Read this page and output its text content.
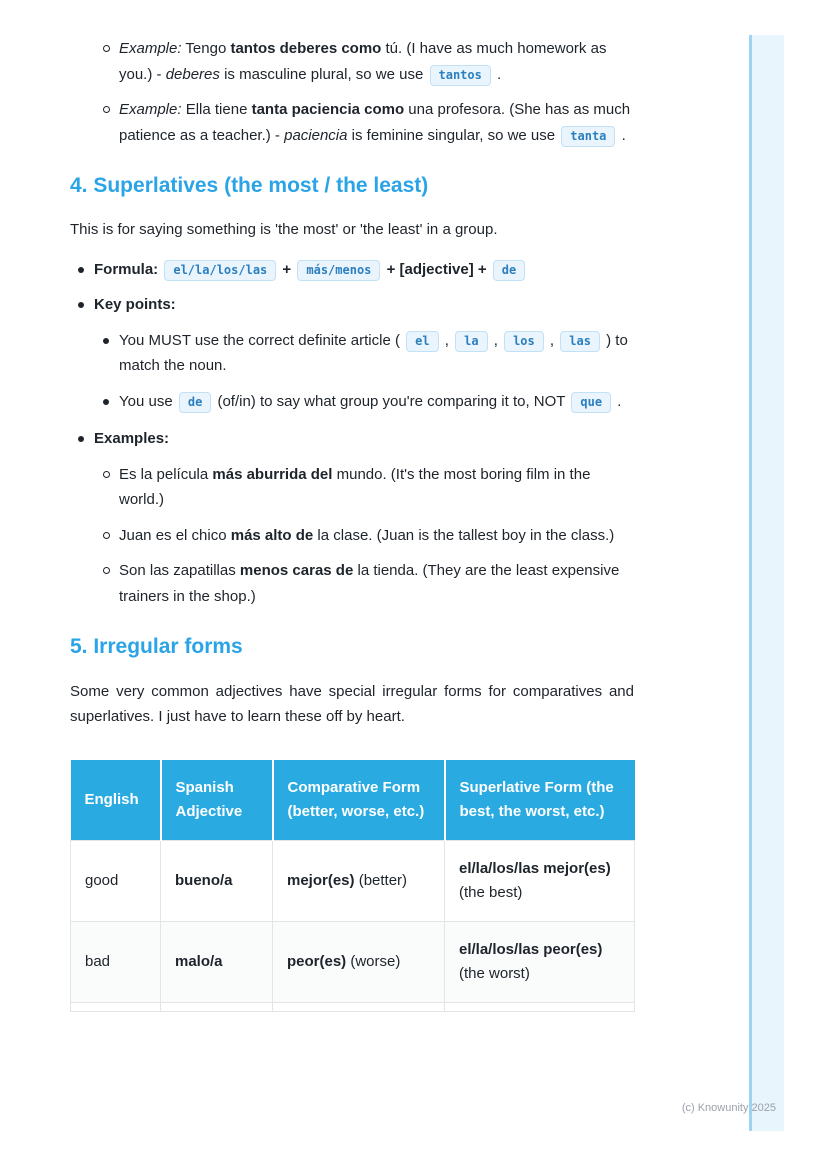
Example: Tengo tantos deberes como tú. (I have as much homework as you.) - deberes is masculine plural, so we use tantos .
Example: Ella tiene tanta paciencia como una profesora. (She has as much patience as a teacher.) - paciencia is feminine singular, so we use tanta .
4. Superlatives (the most / the least)

This is for saying something is 'the most' or 'the least' in a group.

Formula: el/la/los/las + más/menos + [adjective] + de
Key points:
You MUST use the correct definite article ( el , la , los , las ) to match the noun.
You use de (of/in) to say what group you're comparing it to, NOT que .
Examples:
Es la película más aburrida del mundo. (It's the most boring film in the world.)
Juan es el chico más alto de la clase. (Juan is the tallest boy in the class.)
Son las zapatillas menos caras de la tienda. (They are the least expensive trainers in the shop.)
5. Irregular forms

Some very common adjectives have special irregular forms for comparatives and superlatives. I just have to learn these off by heart.

English	Spanish Adjective	Comparative Form (better, worse, etc.)	Superlative Form (the best, the worst, etc.)
good	bueno/a	mejor(es) (better)	el/la/los/las mejor(es) (the best)
bad	malo/a	peor(es) (worse)	el/la/los/las peor(es) (the worst)

(c) Knowunity 2025
